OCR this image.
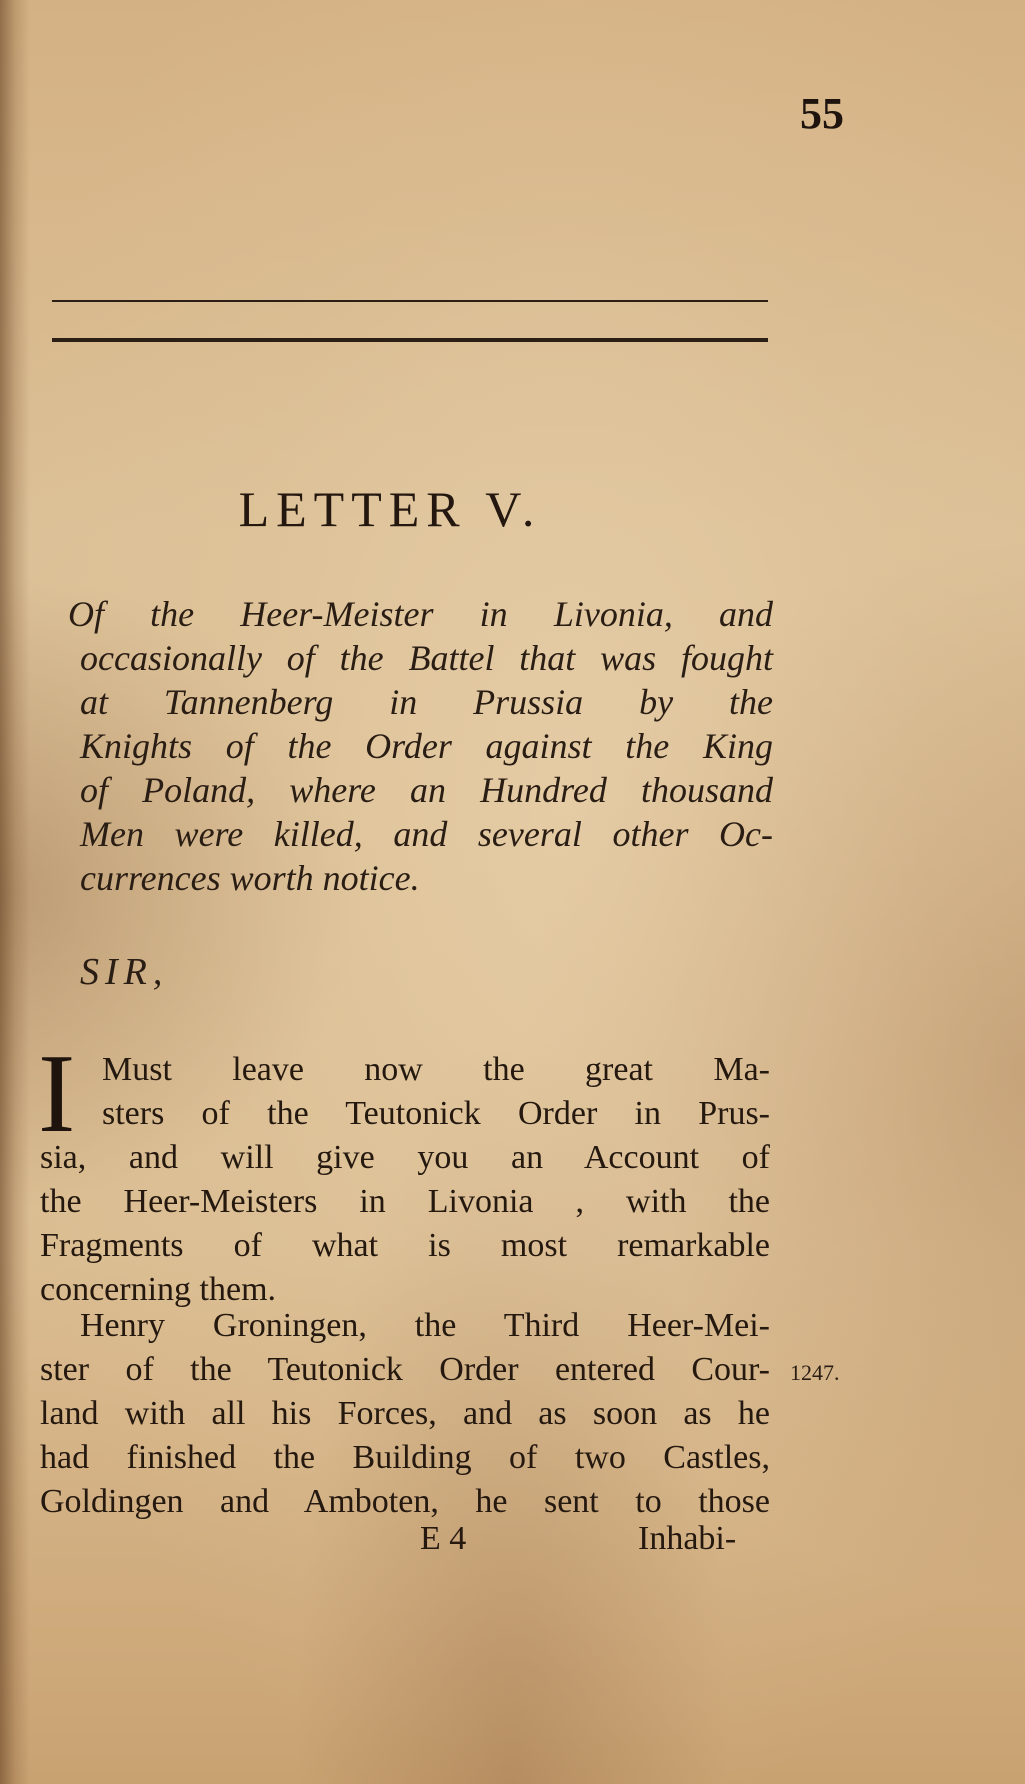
55
LETTER V.
Of the Heer-Meister in Livonia, and
occasionally of the Battel that was fought
at Tannenberg in Prussia by the
Knights of the Order against the King
of Poland, where an Hundred thousand
Men were killed, and several other Oc-
currences worth notice.
SIR,
I Must leave now the great Ma-
sters of the Teutonick Order in Prus-
sia, and will give you an Account of
the Heer-Meisters in Livonia , with the
Fragments of what is most remarkable
concerning them.
Henry Groningen, the Third Heer-Mei-
ster of the Teutonick Order entered Cour-
land with all his Forces, and as soon as he
had finished the Building of two Castles,
Goldingen and Amboten, he sent to those
1247.
E 4	Inhabi-
